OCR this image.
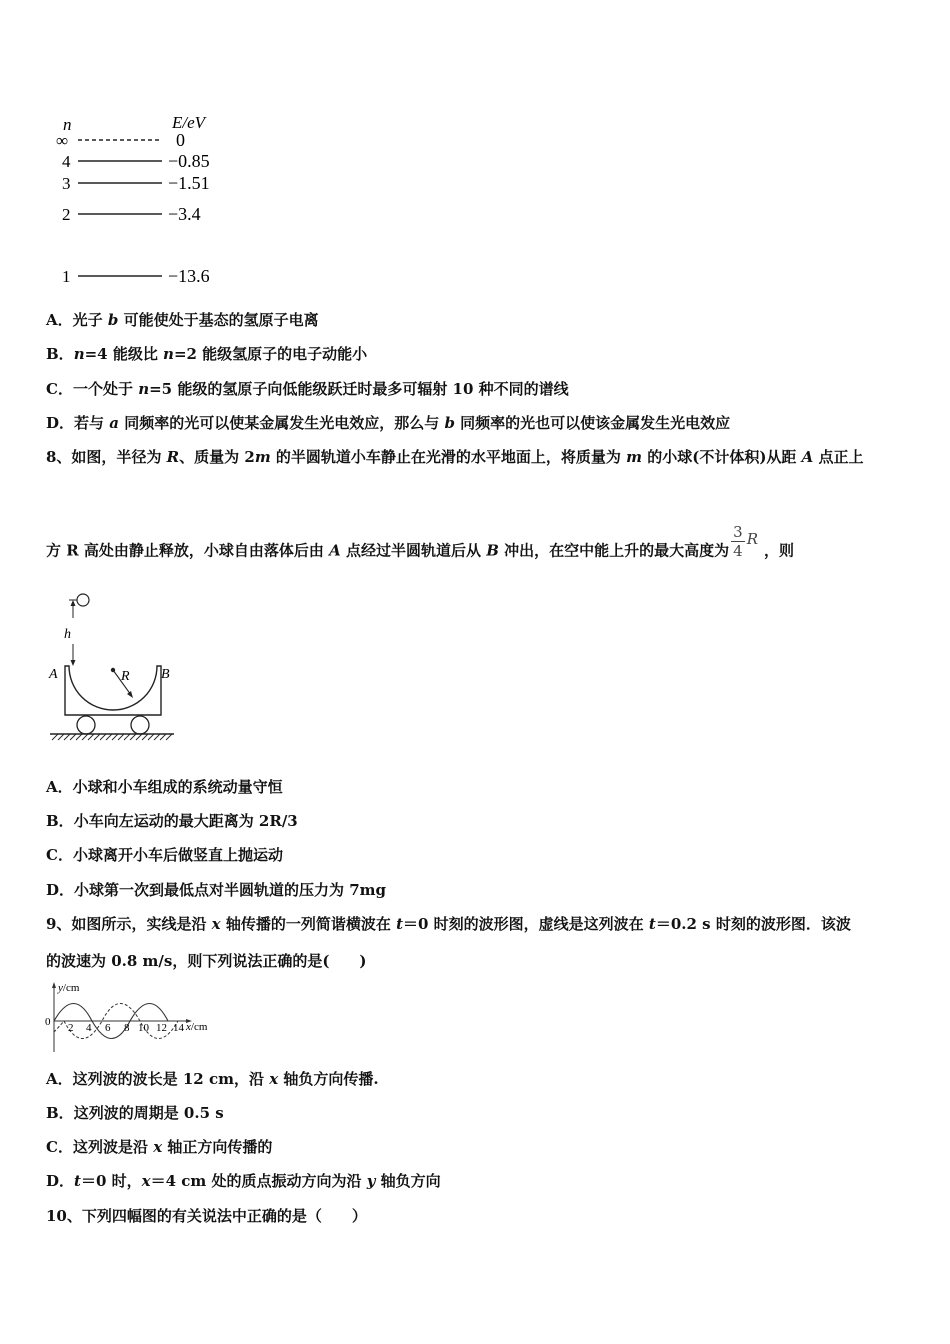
n	E/eV
∞	0
4	−0.85
3	−1.51
2	−3.4
1	−13.6
A．光子 b 可能使处于基态的氢原子电离
B．n=4 能级比 n=2 能级氢原子的电子动能小
C．一个处于 n=5 能级的氢原子向低能级跃迁时最多可辐射 10 种不同的谱线
D．若与 a 同频率的光可以使某金属发生光电效应，那么与 b 同频率的光也可以使该金属发生光电效应
8、如图，半径为 R、质量为 2m 的半圆轨道小车静止在光滑的水平地面上，将质量为 m 的小球(不计体积)从距 A 点正上
方 R 高处由静止释放，小球自由落体后由 A 点经过半圆轨道后从 B 冲出，在空中能上升的最大高度为 $\frac{3}{4}$ R，则
h
A	B
R
A．小球和小车组成的系统动量守恒
B．小车向左运动的最大距离为 2R/3
C．小球离开小车后做竖直上抛运动
D．小球第一次到最低点对半圆轨道的压力为 7mg
9、如图所示，实线是沿 x 轴传播的一列简谐横波在 t＝0 时刻的波形图，虚线是这列波在 t＝0.2 s 时刻的波形图．该波
的波速为 0.8 m/s，则下列说法正确的是(　　)
y/cm
x/cm
0 2 4 6 8 10 12 14
A．这列波的波长是 12 cm，沿 x 轴负方向传播.
B．这列波的周期是 0.5 s
C．这列波是沿 x 轴正方向传播的
D．t＝0 时，x＝4 cm 处的质点振动方向为沿 y 轴负方向
10、下列四幅图的有关说法中正确的是（　　）
